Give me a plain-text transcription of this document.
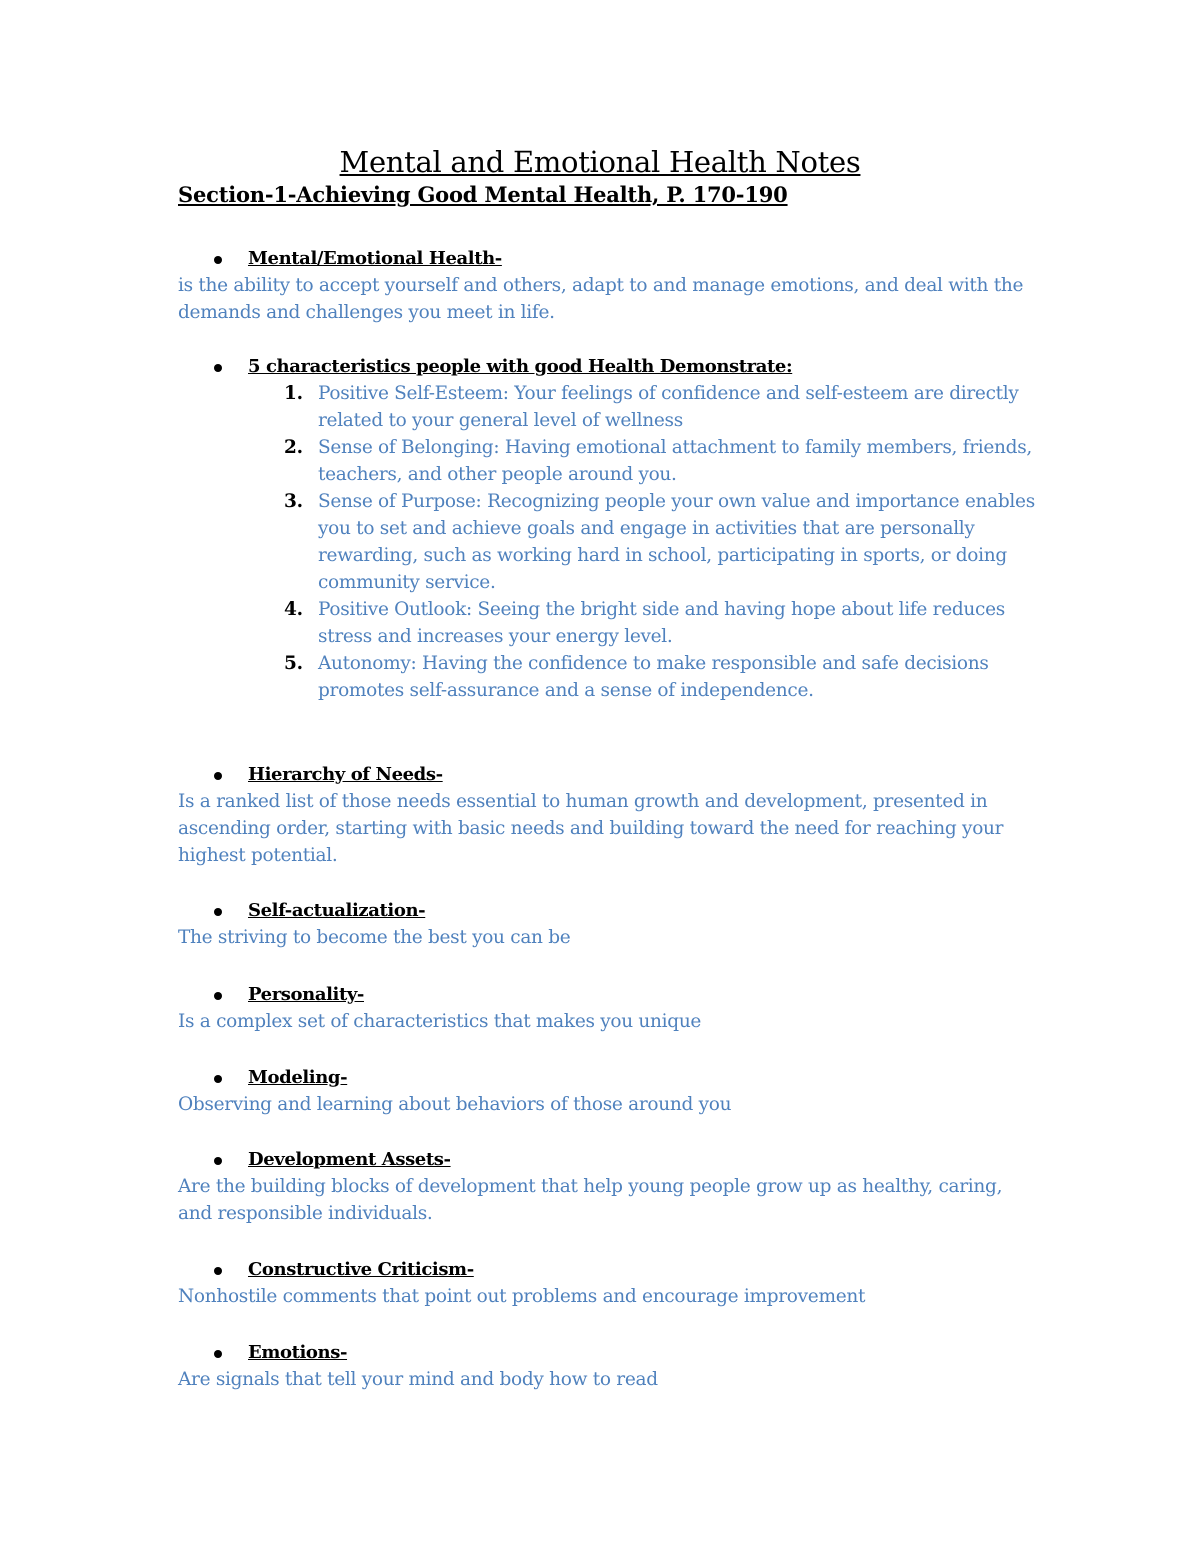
Mental and Emotional Health Notes
Section-1-Achieving Good Mental Health, P. 170-190
Mental/Emotional Health-
is the ability to accept yourself and others, adapt to and manage emotions, and deal with the demands and challenges you meet in life.
5 characteristics people with good Health Demonstrate:
1. Positive Self-Esteem: Your feelings of confidence and self-esteem are directly related to your general level of wellness
2. Sense of Belonging: Having emotional attachment to family members, friends, teachers, and other people around you.
3. Sense of Purpose: Recognizing people your own value and importance enables you to set and achieve goals and engage in activities that are personally rewarding, such as working hard in school, participating in sports, or doing community service.
4. Positive Outlook: Seeing the bright side and having hope about life reduces stress and increases your energy level.
5. Autonomy: Having the confidence to make responsible and safe decisions promotes self-assurance and a sense of independence.
Hierarchy of Needs-
Is a ranked list of those needs essential to human growth and development, presented in ascending order, starting with basic needs and building toward the need for reaching your highest potential.
Self-actualization-
The striving to become the best you can be
Personality-
Is a complex set of characteristics that makes you unique
Modeling-
Observing and learning about behaviors of those around you
Development Assets-
Are the building blocks of development that help young people grow up as healthy, caring, and responsible individuals.
Constructive Criticism-
Nonhostile comments that point out problems and encourage improvement
Emotions-
Are signals that tell your mind and body how to read
